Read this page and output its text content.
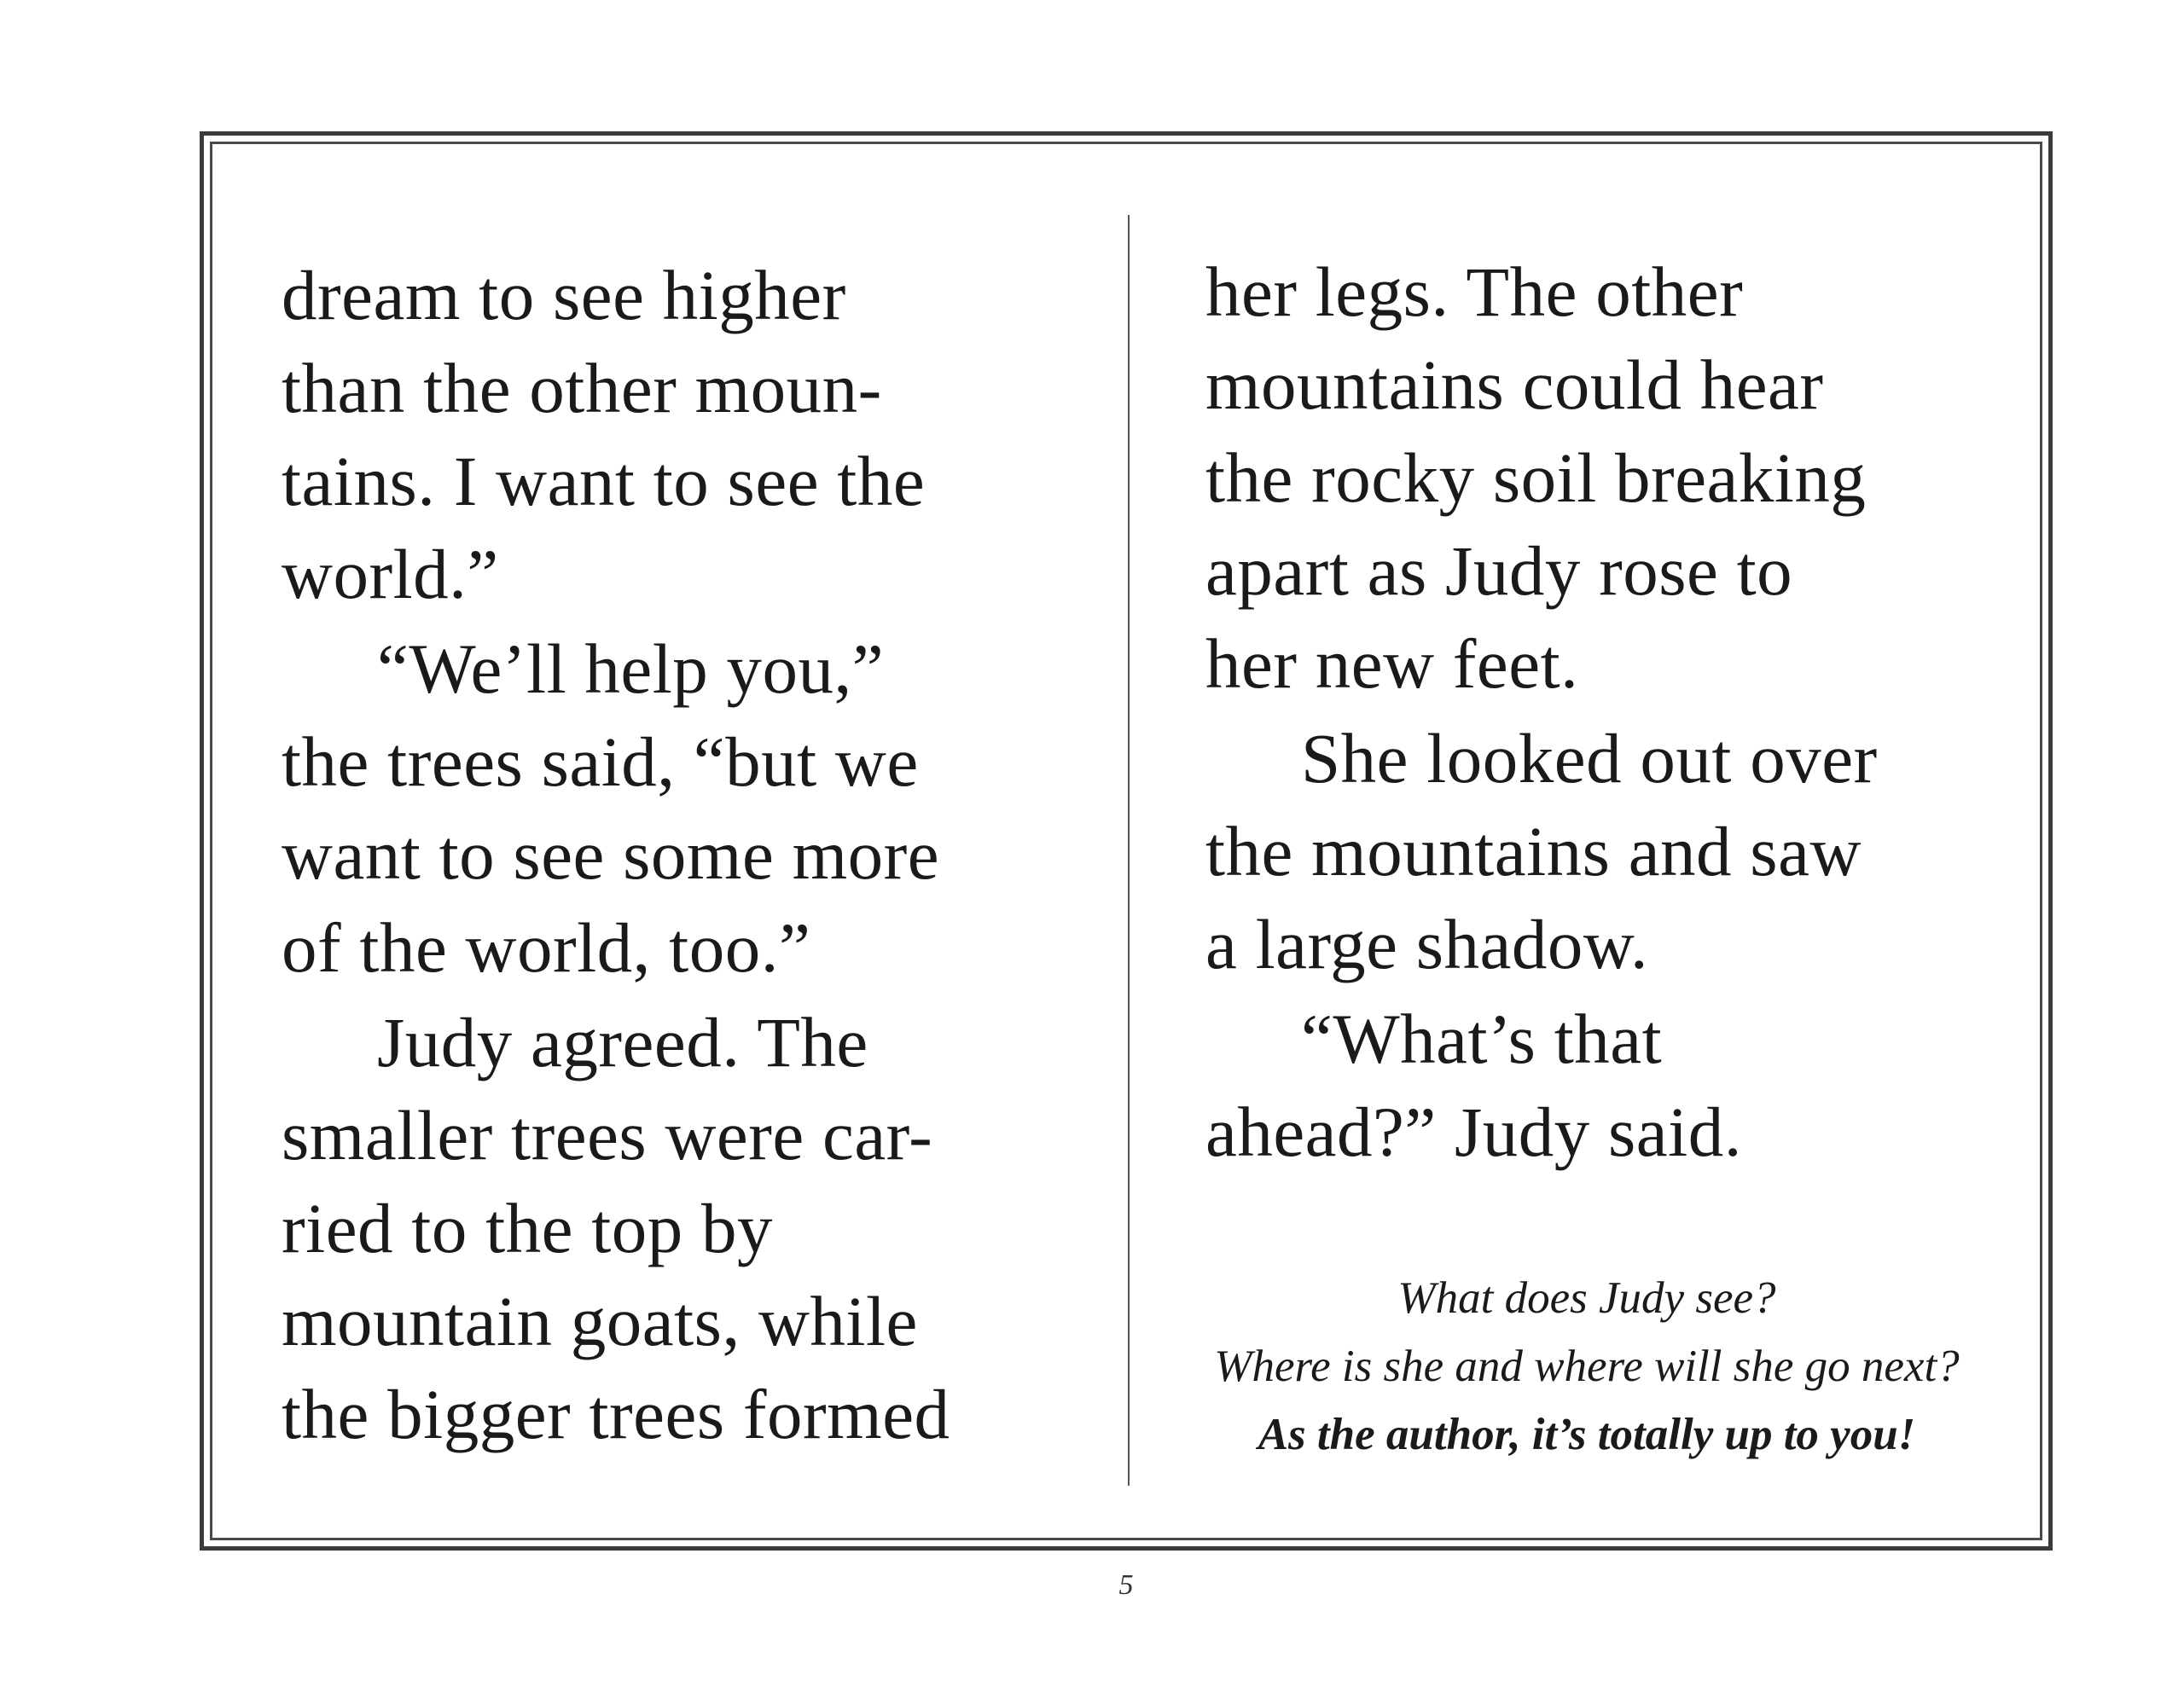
dream to see higher
than the other moun-
tains. I want to see the
world.”
“We’ll help you,”
the trees said, “but we
want to see some more
of the world, too.”
Judy agreed. The
smaller trees were car-
ried to the top by
mountain goats, while
the bigger trees formed
her legs. The other
mountains could hear
the rocky soil breaking
apart as Judy rose to
her new feet.
She looked out over
the mountains and saw
a large shadow.
“What’s that
ahead?” Judy said.
What does Judy see?
Where is she and where will she go next?
As the author, it’s totally up to you!
5
